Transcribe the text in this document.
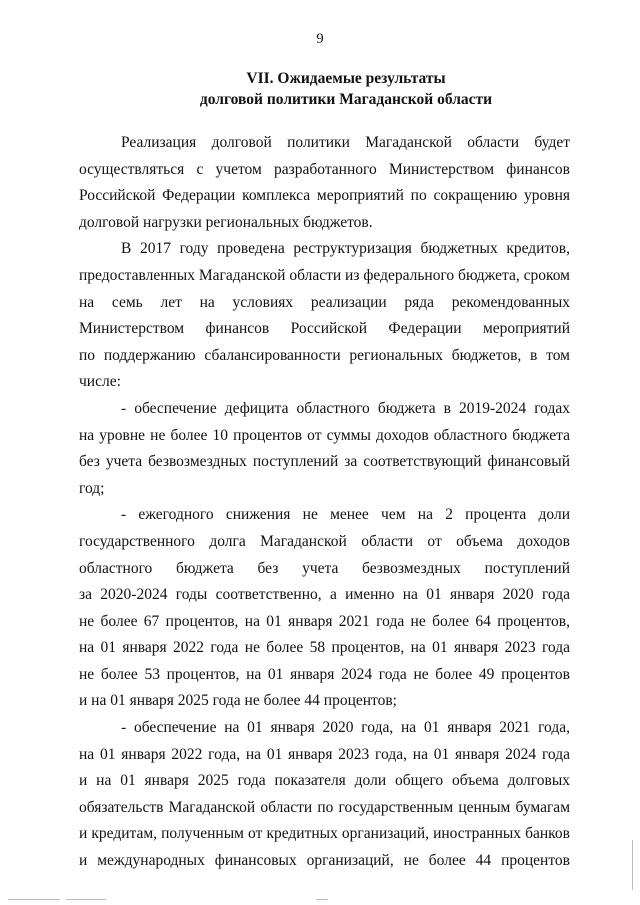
9
VII. Ожидаемые результаты
долговой политики Магаданской области
Реализация долговой политики Магаданской области будет
осуществляться с учетом разработанного Министерством финансов
Российской Федерации комплекса мероприятий по сокращению уровня
долговой нагрузки региональных бюджетов.
В 2017 году проведена реструктуризация бюджетных кредитов,
предоставленных Магаданской области из федерального бюджета, сроком
на семь лет на условиях реализации ряда рекомендованных
Министерством финансов Российской Федерации мероприятий
по поддержанию сбалансированности региональных бюджетов, в том
числе:
- обеспечение дефицита областного бюджета в 2019-2024 годах
на уровне не более 10 процентов от суммы доходов областного бюджета
без учета безвозмездных поступлений за соответствующий финансовый
год;
- ежегодного снижения не менее чем на 2 процента доли
государственного долга Магаданской области от объема доходов
областного бюджета без учета безвозмездных поступлений
за 2020-2024 годы соответственно, а именно на 01 января 2020 года
не более 67 процентов, на 01 января 2021 года не более 64 процентов,
на 01 января 2022 года не более 58 процентов, на 01 января 2023 года
не более 53 процентов, на 01 января 2024 года не более 49 процентов
и на 01 января 2025 года не более 44 процентов;
- обеспечение на 01 января 2020 года, на 01 января 2021 года,
на 01 января 2022 года, на 01 января 2023 года, на 01 января 2024 года
и на 01 января 2025 года показателя доли общего объема долговых
обязательств Магаданской области по государственным ценным бумагам
и кредитам, полученным от кредитных организаций, иностранных банков
и международных финансовых организаций, не более 44 процентов
